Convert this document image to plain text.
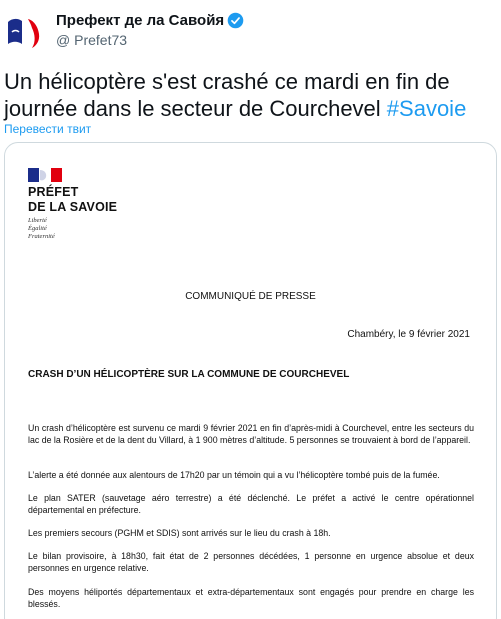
Префект де ла Савойя
@ Prefet73
Un hélicoptère s'est crashé ce mardi en fin de journée dans le secteur de Courchevel #Savoie
Перевести твит
PRÉFET
DE LA SAVOIE
Liberté
Égalité
Fraternité
COMMUNIQUÉ DE PRESSE
Chambéry, le 9 février 2021
CRASH D’UN HÉLICOPTÈRE SUR LA COMMUNE DE COURCHEVEL
Un crash d’hélicoptère est survenu ce mardi 9 février 2021 en fin d’après-midi à Courchevel, entre les secteurs du lac de la Rosière et de la dent du Villard, à 1 900 mètres d’altitude. 5 personnes se trouvaient à bord de l’appareil.
L’alerte a été donnée aux alentours de 17h20 par un témoin qui a vu l’hélicoptère tombé puis de la fumée.
Le plan SATER (sauvetage aéro terrestre) a été déclenché. Le préfet a activé le centre opérationnel départemental en préfecture.
Les premiers secours (PGHM et SDIS) sont arrivés sur le lieu du crash à 18h.
Le bilan provisoire, à 18h30, fait état de 2 personnes décédées, 1 personne en urgence absolue et deux personnes en urgence relative.
Des moyens héliportés départementaux et extra-départementaux sont engagés pour prendre en charge les blessés.
